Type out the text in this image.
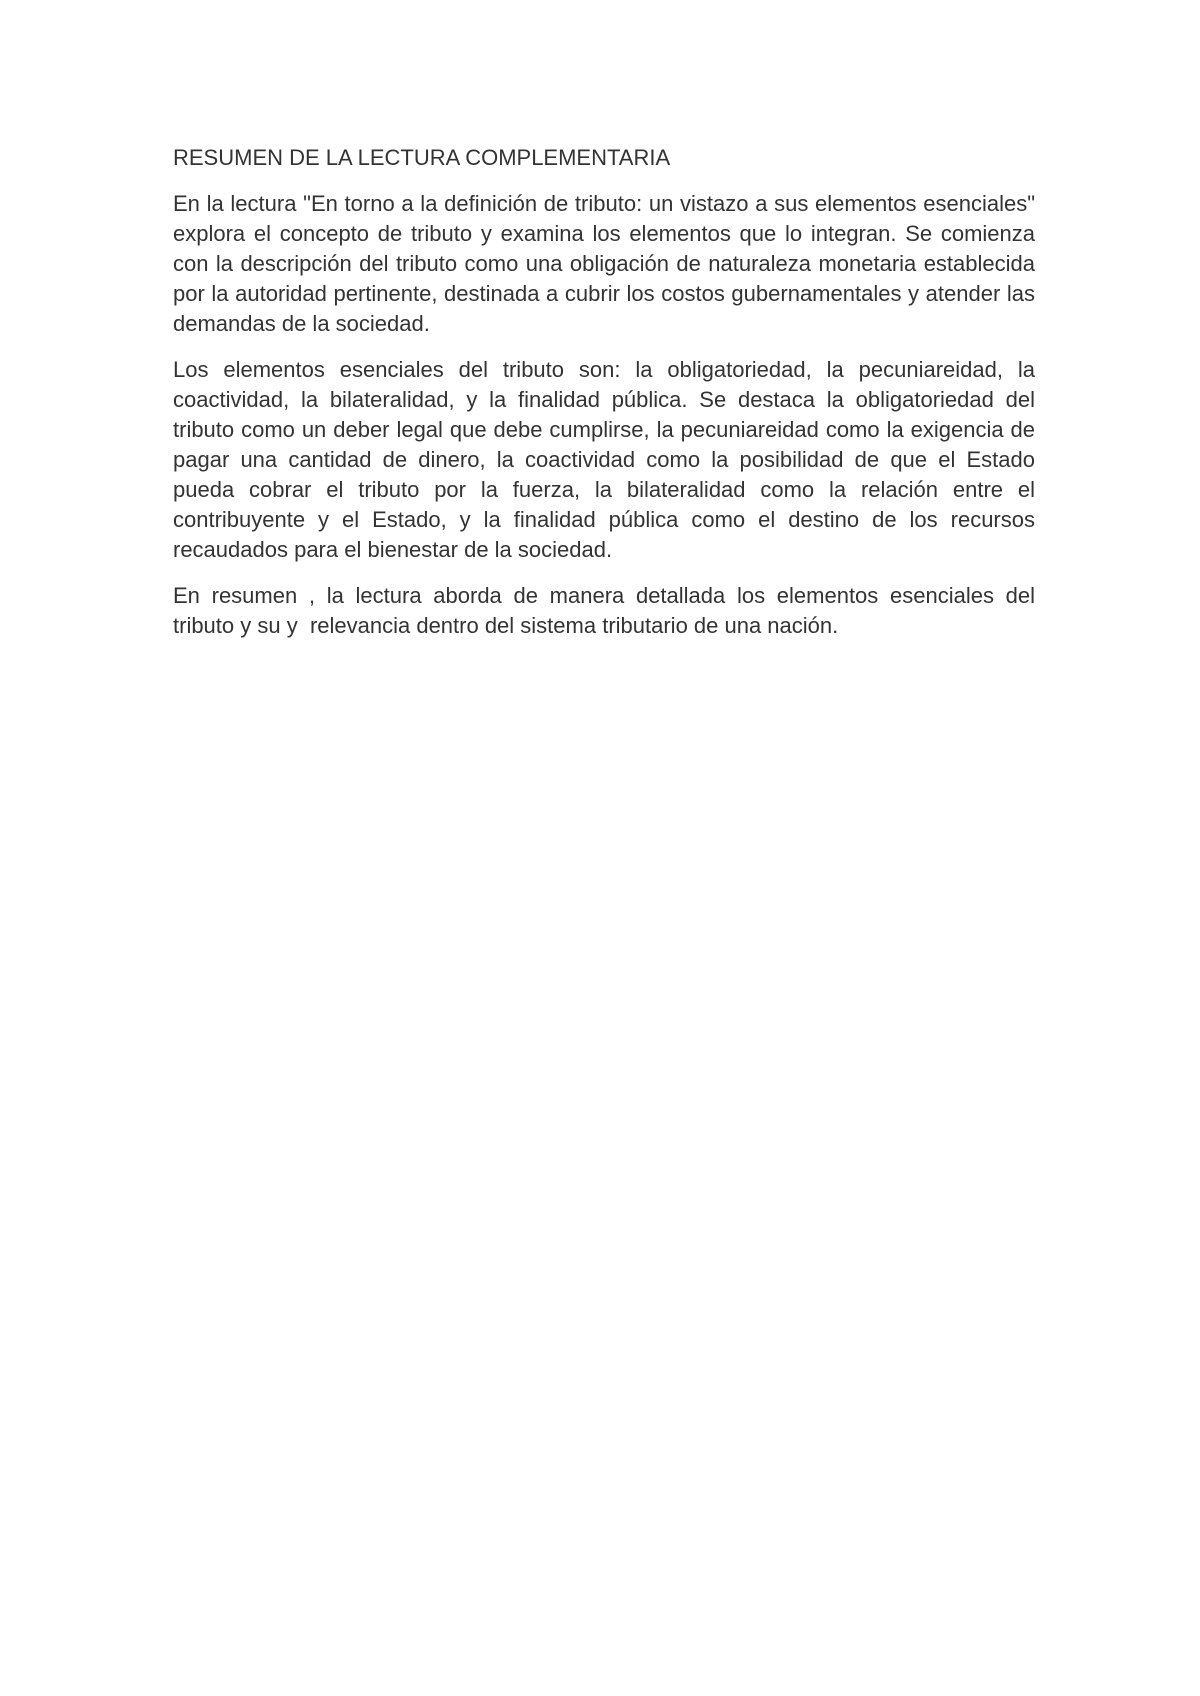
RESUMEN DE LA LECTURA COMPLEMENTARIA

En la lectura "En torno a la definición de tributo: un vistazo a sus elementos esenciales" explora el concepto de tributo y examina los elementos que lo integran. Se comienza con la descripción del tributo como una obligación de naturaleza monetaria establecida por la autoridad pertinente, destinada a cubrir los costos gubernamentales y atender las demandas de la sociedad.

Los elementos esenciales del tributo son: la obligatoriedad, la pecuniareidad, la coactividad, la bilateralidad, y la finalidad pública. Se destaca la obligatoriedad del tributo como un deber legal que debe cumplirse, la pecuniareidad como la exigencia de pagar una cantidad de dinero, la coactividad como la posibilidad de que el Estado pueda cobrar el tributo por la fuerza, la bilateralidad como la relación entre el contribuyente y el Estado, y la finalidad pública como el destino de los recursos recaudados para el bienestar de la sociedad.

En resumen , la lectura aborda de manera detallada los elementos esenciales del tributo y su y  relevancia dentro del sistema tributario de una nación.
